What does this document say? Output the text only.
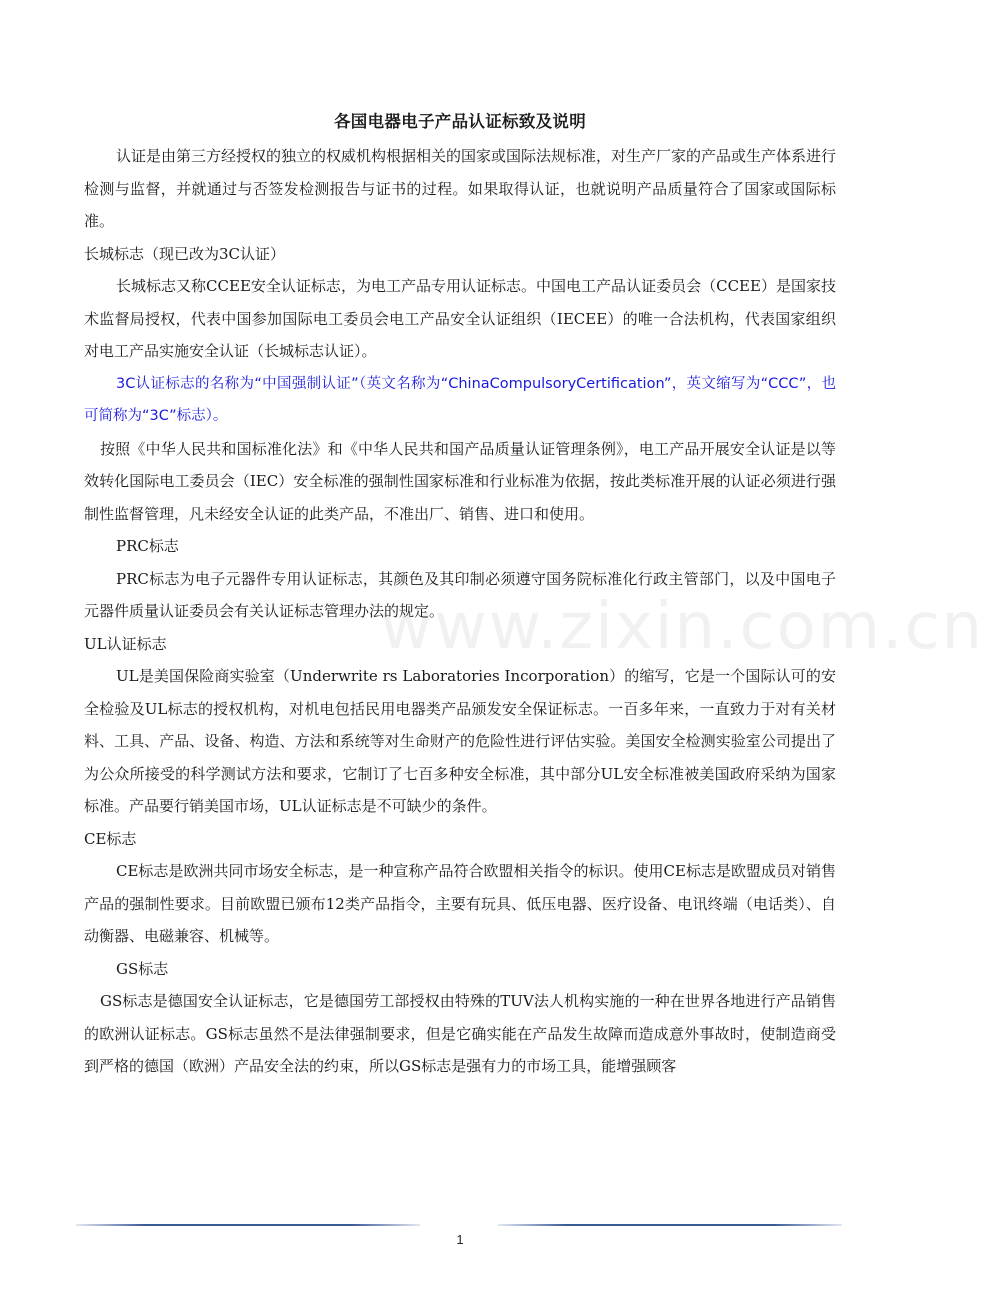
www.zixin.com.cn
各国电器电子产品认证标致及说明

认证是由第三方经授权的独立的权威机构根据相关的国家或国际法规标准，对生产厂家的产品或生产体系进行检测与监督，并就通过与否签发检测报告与证书的过程。如果取得认证，也就说明产品质量符合了国家或国际标准。

长城标志（现已改为3C认证）

长城标志又称CCEE安全认证标志，为电工产品专用认证标志。中国电工产品认证委员会（CCEE）是国家技术监督局授权，代表中国参加国际电工委员会电工产品安全认证组织（IECEE）的唯一合法机构，代表国家组织对电工产品实施安全认证（长城标志认证）。

3C认证标志的名称为“中国强制认证”（英文名称为“ChinaCompulsoryCertification”，英文缩写为“CCC”，也可简称为“3C”标志）。

按照《中华人民共和国标准化法》和《中华人民共和国产品质量认证管理条例》，电工产品开展安全认证是以等效转化国际电工委员会（IEC）安全标准的强制性国家标准和行业标准为依据，按此类标准开展的认证必须进行强制性监督管理，凡未经安全认证的此类产品，不准出厂、销售、进口和使用。

PRC标志

PRC标志为电子元器件专用认证标志，其颜色及其印制必须遵守国务院标准化行政主管部门，以及中国电子元器件质量认证委员会有关认证标志管理办法的规定。

UL认证标志

UL是美国保险商实验室（Underwrite rs Laboratories Incorporation）的缩写，它是一个国际认可的安全检验及UL标志的授权机构，对机电包括民用电器类产品颁发安全保证标志。一百多年来，一直致力于对有关材料、工具、产品、设备、构造、方法和系统等对生命财产的危险性进行评估实验。美国安全检测实验室公司提出了为公众所接受的科学测试方法和要求，它制订了七百多种安全标准，其中部分UL安全标准被美国政府采纳为国家标准。产品要行销美国市场，UL认证标志是不可缺少的条件。

CE标志

CE标志是欧洲共同市场安全标志，是一种宣称产品符合欧盟相关指令的标识。使用CE标志是欧盟成员对销售产品的强制性要求。目前欧盟已颁布12类产品指令，主要有玩具、低压电器、医疗设备、电讯终端（电话类）、自动衡器、电磁兼容、机械等。

GS标志

GS标志是德国安全认证标志，它是德国劳工部授权由特殊的TUV法人机构实施的一种在世界各地进行产品销售的欧洲认证标志。GS标志虽然不是法律强制要求，但是它确实能在产品发生故障而造成意外事故时，使制造商受到严格的德国（欧洲）产品安全法的约束，所以GS标志是强有力的市场工具，能增强顾客

1
